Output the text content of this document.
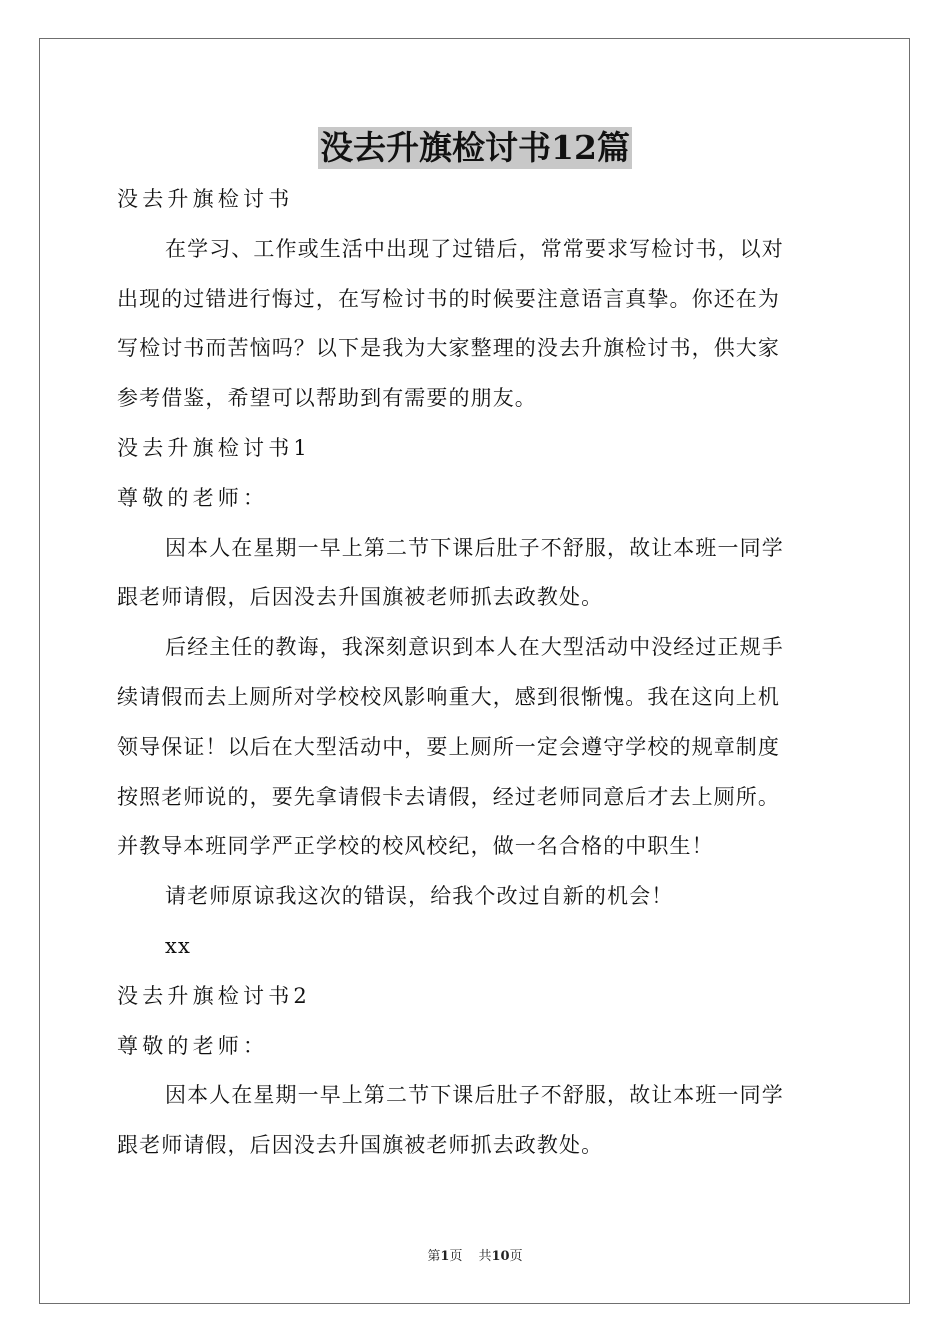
没去升旗检讨书12篇
没去升旗检讨书
在学习、工作或生活中出现了过错后，常常要求写检讨书，以对
出现的过错进行悔过，在写检讨书的时候要注意语言真挚。你还在为
写检讨书而苦恼吗？以下是我为大家整理的没去升旗检讨书，供大家
参考借鉴，希望可以帮助到有需要的朋友。
没去升旗检讨书1
尊敬的老师：
因本人在星期一早上第二节下课后肚子不舒服，故让本班一同学
跟老师请假，后因没去升国旗被老师抓去政教处。
后经主任的教诲，我深刻意识到本人在大型活动中没经过正规手
续请假而去上厕所对学校校风影响重大，感到很惭愧。我在这向上机
领导保证！以后在大型活动中，要上厕所一定会遵守学校的规章制度
按照老师说的，要先拿请假卡去请假，经过老师同意后才去上厕所。
并教导本班同学严正学校的校风校纪，做一名合格的中职生！
请老师原谅我这次的错误，给我个改过自新的机会！
xx
没去升旗检讨书2
尊敬的老师：
因本人在星期一早上第二节下课后肚子不舒服，故让本班一同学
跟老师请假，后因没去升国旗被老师抓去政教处。
第1页 共10页
